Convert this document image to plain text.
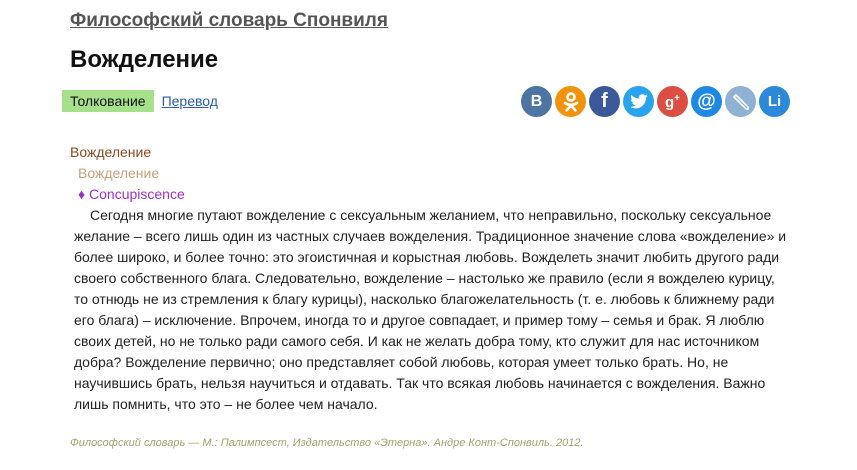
Философский словарь Спонвиля
Вожделение
Толкование	Перевод	В	f	g+ @	Li
Вожделение
Вожделение
♦ Concupiscence

Сегодня многие путают вожделение с сексуальным желанием, что неправильно, поскольку сексуальное желание – всего лишь один из частных случаев вожделения. Традиционное значение слова «вожделение» и более широко, и более точно: это эгоистичная и корыстная любовь. Вожделеть значит любить другого ради своего собственного блага. Следовательно, вожделение – настолько же правило (если я вожделею курицу, то отнюдь не из стремления к благу курицы), насколько благожелательность (т. е. любовь к ближнему ради его блага) – исключение. Впрочем, иногда то и другое совпадает, и пример тому – семья и брак. Я люблю своих детей, но не только ради самого себя. И как не желать добра тому, кто служит для нас источником добра? Вожделение первично; оно представляет собой любовь, которая умеет только брать. Но, не научившись брать, нельзя научиться и отдавать. Так что всякая любовь начинается с вожделения. Важно лишь помнить, что это – не более чем начало.

Философский словарь — М.: Палимпсест, Издательство «Этерна». Андре Конт-Спонвиль. 2012.
